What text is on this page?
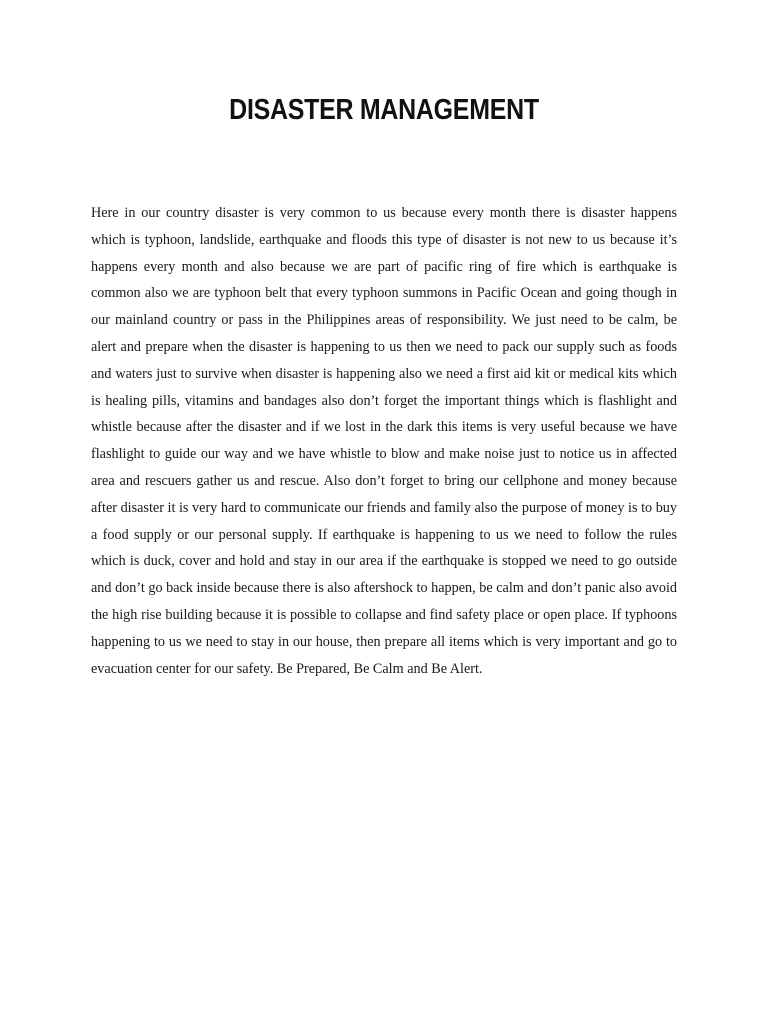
DISASTER MANAGEMENT

Here in our country disaster is very common to us because every month there is disaster happens which is typhoon, landslide, earthquake and floods this type of disaster is not new to us because it’s happens every month and also because we are part of pacific ring of fire which is earthquake is common also we are typhoon belt that every typhoon summons in Pacific Ocean and going though in our mainland country or pass in the Philippines areas of responsibility. We just need to be calm, be alert and prepare when the disaster is happening to us then we need to pack our supply such as foods and waters just to survive when disaster is happening also we need a first aid kit or medical kits which is healing pills, vitamins and bandages also don’t forget the important things which is flashlight and whistle because after the disaster and if we lost in the dark this items is very useful because we have flashlight to guide our way and we have whistle to blow and make noise just to notice us in affected area and rescuers gather us and rescue. Also don’t forget to bring our cellphone and money because after disaster it is very hard to communicate our friends and family also the purpose of money is to buy a food supply or our personal supply. If earthquake is happening to us we need to follow the rules which is duck, cover and hold and stay in our area if the earthquake is stopped we need to go outside and don’t go back inside because there is also aftershock to happen, be calm and don’t panic also avoid the high rise building because it is possible to collapse and find safety place or open place. If typhoons happening to us we need to stay in our house, then prepare all items which is very important and go to evacuation center for our safety. Be Prepared, Be Calm and Be Alert.
